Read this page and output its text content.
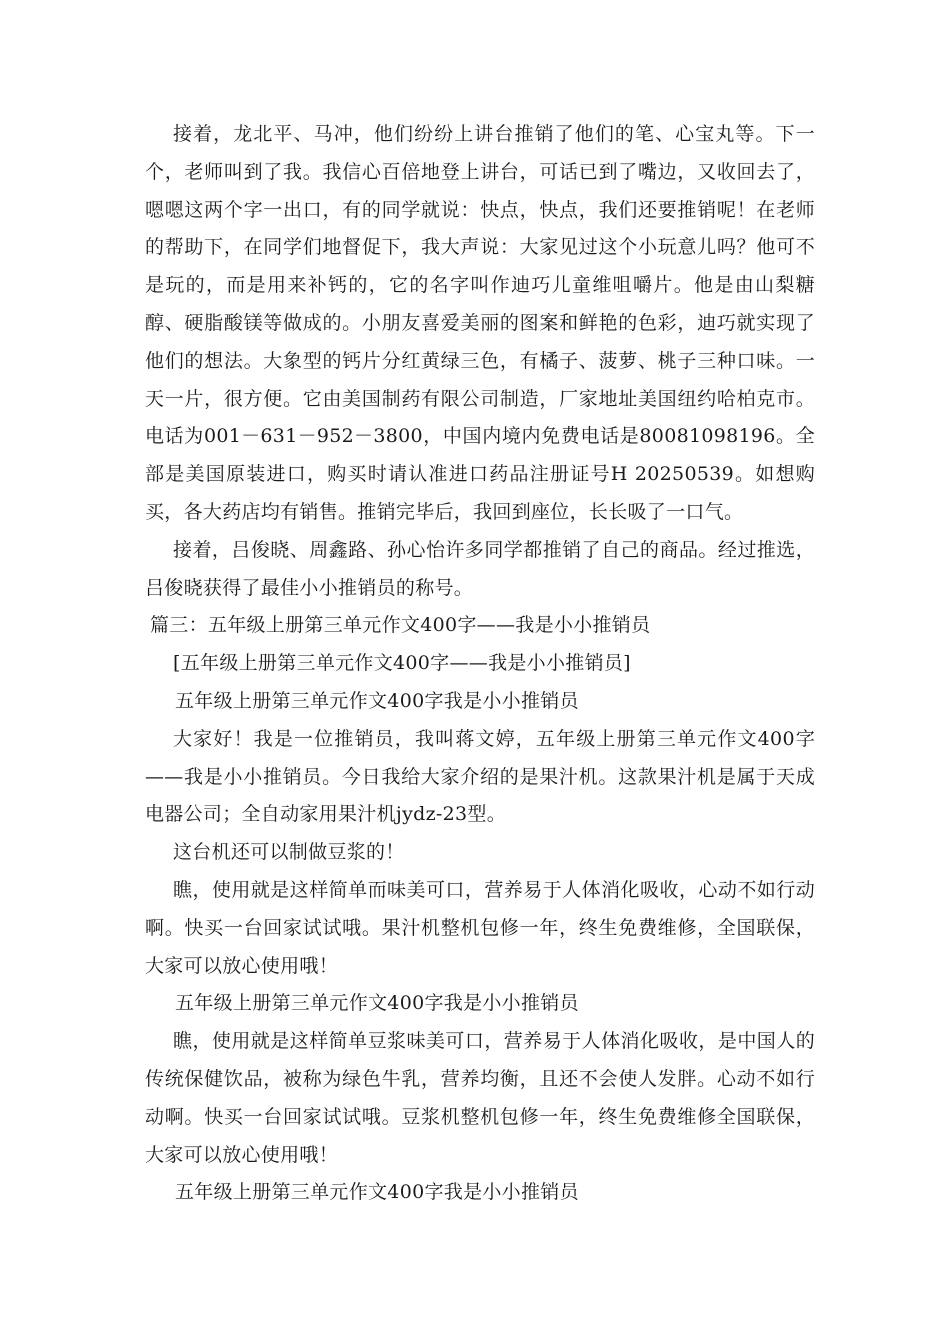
接着，龙北平、马冲，他们纷纷上讲台推销了他们的笔、心宝丸等。下一个，老师叫到了我。我信心百倍地登上讲台，可话已到了嘴边，又收回去了，嗯嗯这两个字一出口，有的同学就说：快点，快点，我们还要推销呢！在老师的帮助下，在同学们地督促下，我大声说：大家见过这个小玩意儿吗？他可不是玩的，而是用来补钙的，它的名字叫作迪巧儿童维咀嚼片。他是由山梨糖醇、硬脂酸镁等做成的。小朋友喜爱美丽的图案和鲜艳的色彩，迪巧就实现了他们的想法。大象型的钙片分红黄绿三色，有橘子、菠萝、桃子三种口味。一天一片，很方便。它由美国制药有限公司制造，厂家地址美国纽约哈柏克市。电话为001－631－952－3800，中国内境内免费电话是80081098196。全部是美国原装进口，购买时请认准进口药品注册证号H 20250539。如想购买，各大药店均有销售。推销完毕后，我回到座位，长长吸了一口气。

接着，吕俊晓、周鑫路、孙心怡许多同学都推销了自己的商品。经过推选，吕俊晓获得了最佳小小推销员的称号。

篇三：五年级上册第三单元作文400字——我是小小推销员

[五年级上册第三单元作文400字——我是小小推销员]

五年级上册第三单元作文400字我是小小推销员

大家好！我是一位推销员，我叫蒋文婷，五年级上册第三单元作文400字——我是小小推销员。今日我给大家介绍的是果汁机。这款果汁机是属于天成电器公司；全自动家用果汁机jydz-23型。

这台机还可以制做豆浆的！

瞧，使用就是这样简单而味美可口，营养易于人体消化吸收，心动不如行动啊。快买一台回家试试哦。果汁机整机包修一年，终生免费维修，全国联保，大家可以放心使用哦！

五年级上册第三单元作文400字我是小小推销员

瞧，使用就是这样简单豆浆味美可口，营养易于人体消化吸收，是中国人的传统保健饮品，被称为绿色牛乳，营养均衡，且还不会使人发胖。心动不如行动啊。快买一台回家试试哦。豆浆机整机包修一年，终生免费维修全国联保，大家可以放心使用哦！

五年级上册第三单元作文400字我是小小推销员
